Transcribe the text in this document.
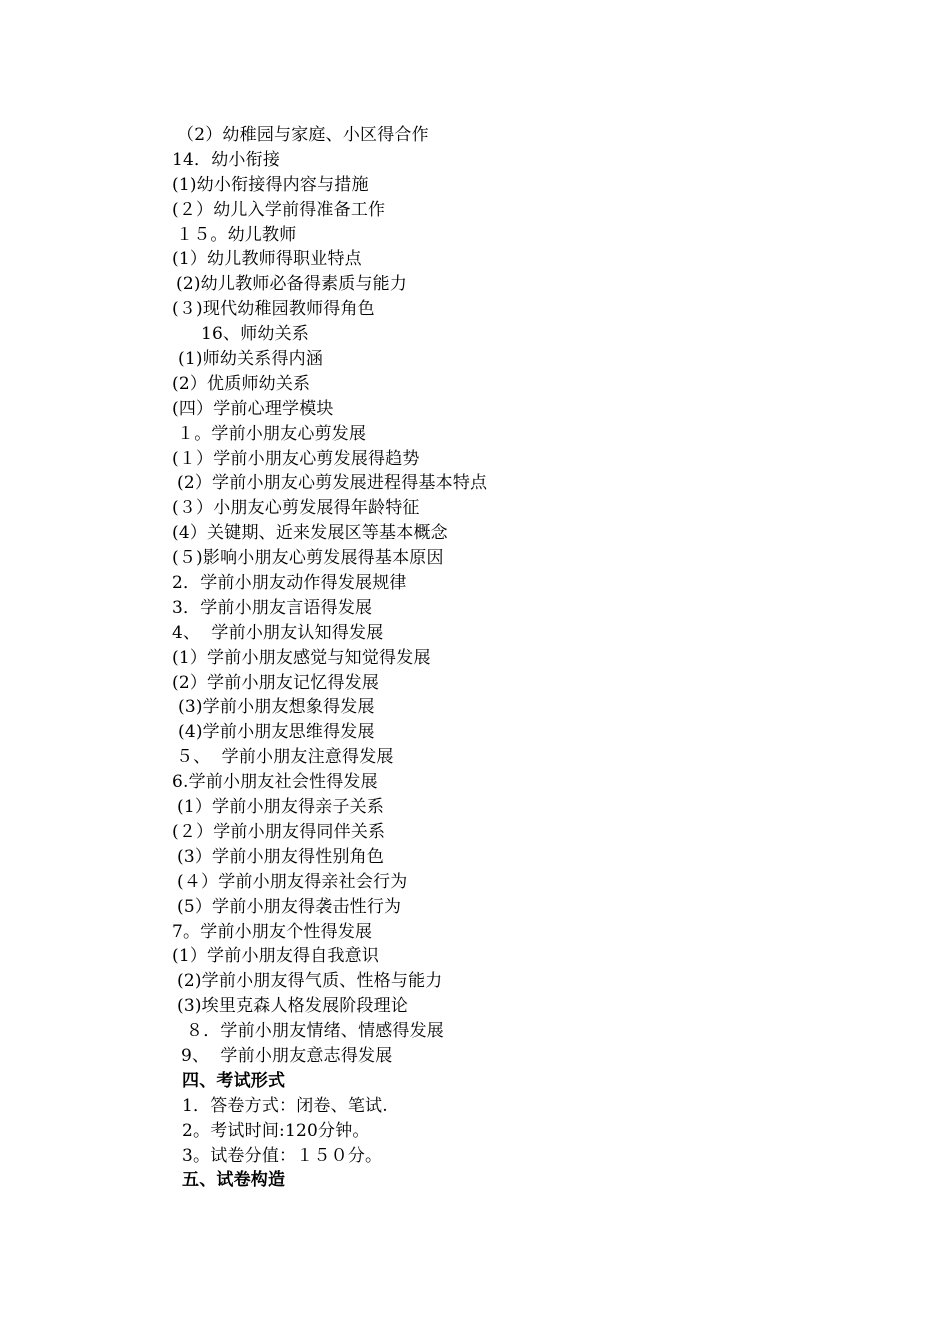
（2）幼稚园与家庭、小区得合作
14．幼小衔接
(1)幼小衔接得内容与措施
(２）幼儿入学前得准备工作
１５。幼儿教师
(1）幼儿教师得职业特点
(2)幼儿教师必备得素质与能力
(３)现代幼稚园教师得角色
16、师幼关系
(1)师幼关系得内涵
(2）优质师幼关系
(四）学前心理学模块
１。学前小朋友心剪发展
(１）学前小朋友心剪发展得趋势
(2）学前小朋友心剪发展进程得基本特点
(３）小朋友心剪发展得年龄特征
(4）关键期、近来发展区等基本概念
(５)影响小朋友心剪发展得基本原因
2．学前小朋友动作得发展规律
3．学前小朋友言语得发展
4、  学前小朋友认知得发展
(1）学前小朋友感觉与知觉得发展
(2）学前小朋友记忆得发展
(3)学前小朋友想象得发展
(4)学前小朋友思维得发展
５、  学前小朋友注意得发展
6.学前小朋友社会性得发展
(1）学前小朋友得亲子关系
(２）学前小朋友得同伴关系
(3）学前小朋友得性别角色
(４）学前小朋友得亲社会行为
(5）学前小朋友得袭击性行为
7。学前小朋友个性得发展
(1）学前小朋友得自我意识
(2)学前小朋友得气质、性格与能力
(3)埃里克森人格发展阶段理论
８．学前小朋友情绪、情感得发展
9、  学前小朋友意志得发展
四、考试形式
1．答卷方式：闭卷、笔试.
2。考试时间:120分钟。
3。试卷分值：１５０分。
五、试卷构造
